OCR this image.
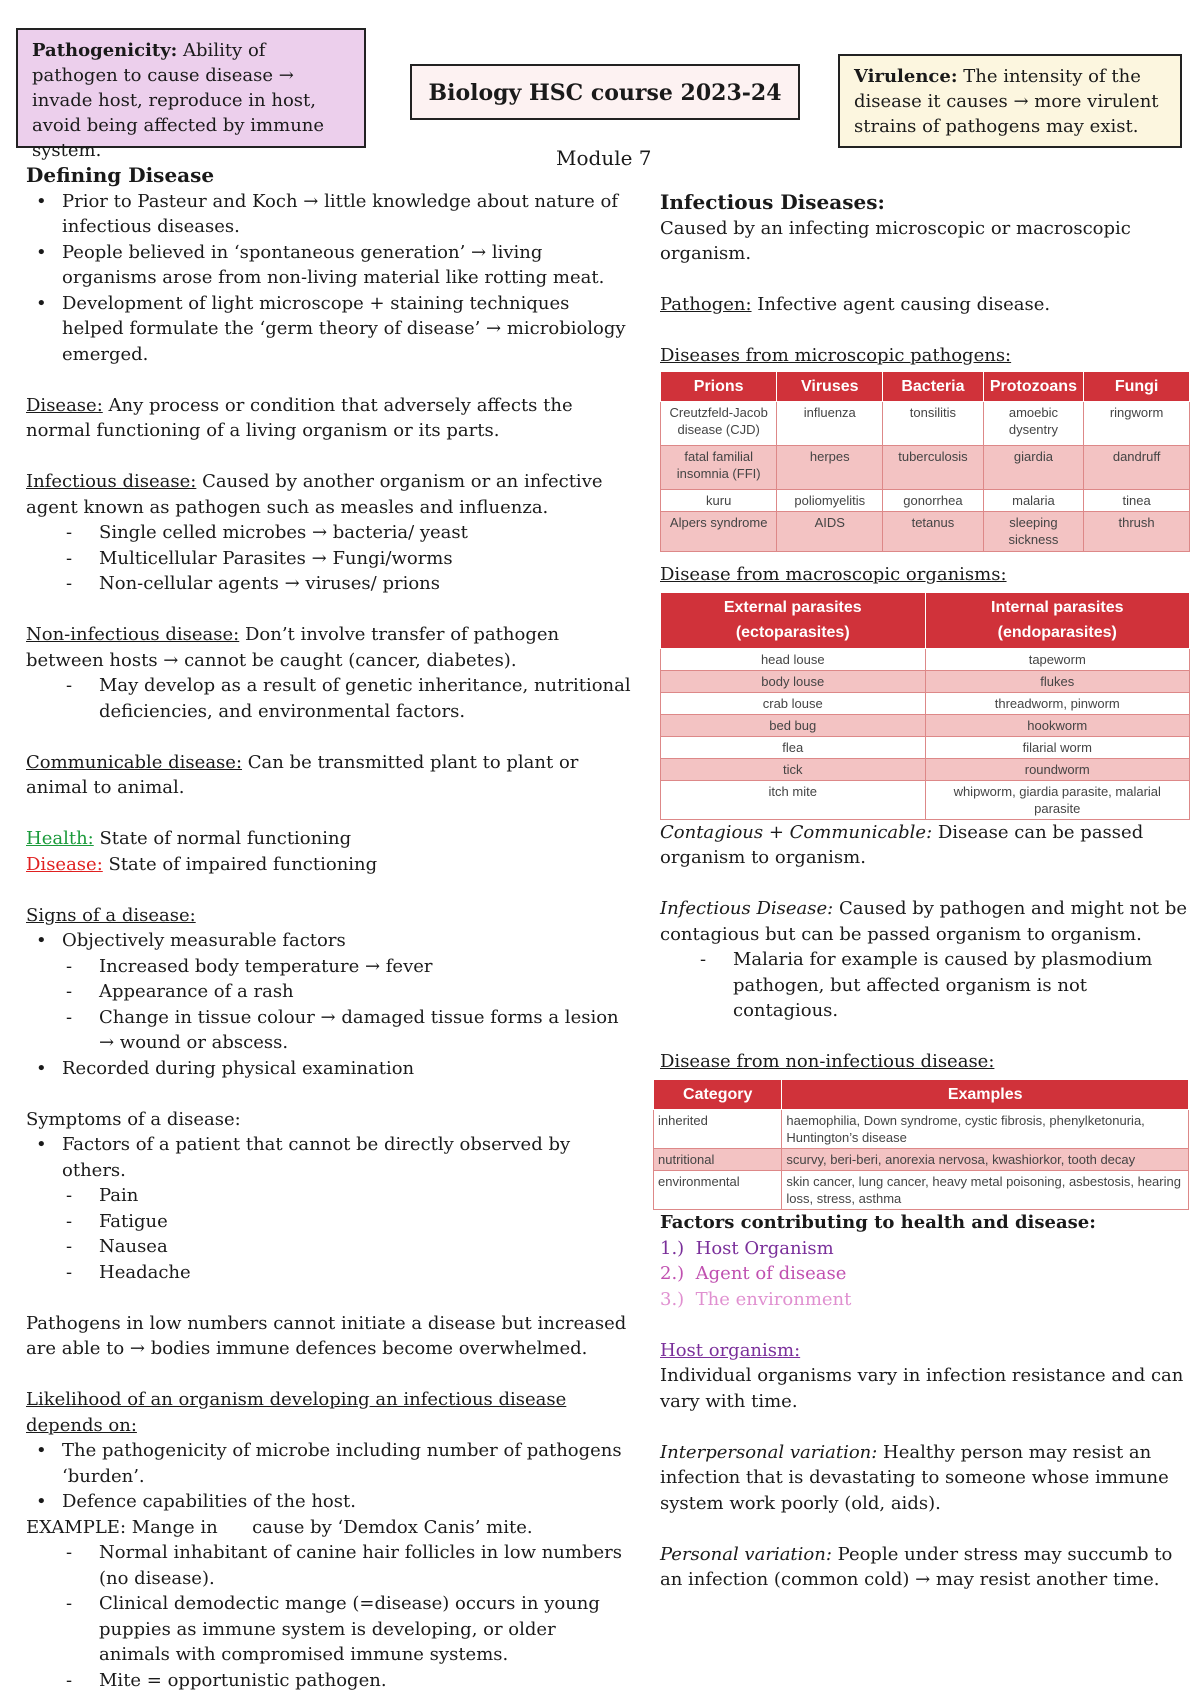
Pathogenicity: Ability of pathogen to cause disease → invade host, reproduce in host, avoid being affected by immune system.
Biology HSC course 2023-24
Virulence: The intensity of the disease it causes → more virulent strains of pathogens may exist.
Module 7

Defining Disease

• Prior to Pasteur and Koch → little knowledge about nature of infectious diseases.
• People believed in ‘spontaneous generation’ → living organisms arose from non-living material like rotting meat.
• Development of light microscope + staining techniques helped formulate the ‘germ theory of disease’ → microbiology emerged.

Disease: Any process or condition that adversely affects the normal functioning of a living organism or its parts.

Infectious disease: Caused by another organism or an infective agent known as pathogen such as measles and influenza.

- Single celled microbes → bacteria/ yeast
- Multicellular Parasites → Fungi/worms
- Non-cellular agents → viruses/ prions

Non-infectious disease: Don’t involve transfer of pathogen between hosts → cannot be caught (cancer, diabetes).

- May develop as a result of genetic inheritance, nutritional deficiencies, and environmental factors.

Communicable disease: Can be transmitted plant to plant or animal to animal.

Health: State of normal functioning

Disease: State of impaired functioning

Signs of a disease:

• Objectively measurable factors
- Increased body temperature → fever
- Appearance of a rash
- Change in tissue colour → damaged tissue forms a lesion → wound or abscess.
• Recorded during physical examination

Symptoms of a disease:

• Factors of a patient that cannot be directly observed by others.
- Pain
- Fatigue
- Nausea
- Headache

Pathogens in low numbers cannot initiate a disease but increased are able to → bodies immune defences become overwhelmed.

Likelihood of an organism developing an infectious disease depends on:

• The pathogenicity of microbe including number of pathogens ‘burden’.
• Defence capabilities of the host.

EXAMPLE: Mange in      cause by ‘Demdox Canis’ mite.

- Normal inhabitant of canine hair follicles in low numbers (no disease).
- Clinical demodectic mange (=disease) occurs in young puppies as immune system is developing, or older animals with compromised immune systems.
- Mite = opportunistic pathogen.

Infectious Diseases:

Caused by an infecting microscopic or macroscopic organism.

Pathogen: Infective agent causing disease.

Diseases from microscopic pathogens:

Prions	Viruses	Bacteria	Protozoans	Fungi
Creutzfeld-Jacob disease (CJD)	influenza	tonsilitis	amoebic dysentry	ringworm
fatal familial insomnia (FFI)	herpes	tuberculosis	giardia	dandruff
kuru	poliomyelitis	gonorrhea	malaria	tinea
Alpers syndrome	AIDS	tetanus	sleeping sickness	thrush

Disease from macroscopic organisms:

External parasites (ectoparasites)	Internal parasites (endoparasites)
head louse	tapeworm
body louse	flukes
crab louse	threadworm, pinworm
bed bug	hookworm
flea	filarial worm
tick	roundworm
itch mite	whipworm, giardia parasite, malarial parasite

Contagious + Communicable: Disease can be passed organism to organism.

Infectious Disease: Caused by pathogen and might not be contagious but can be passed organism to organism.

- Malaria for example is caused by plasmodium pathogen, but affected organism is not contagious.

Disease from non-infectious disease:

Category	Examples
inherited	haemophilia, Down syndrome, cystic fibrosis, phenylketonuria, Huntington’s disease
nutritional	scurvy, beri-beri, anorexia nervosa, kwashiorkor, tooth decay
environmental	skin cancer, lung cancer, heavy metal poisoning, asbestosis, hearing loss, stress, asthma

Factors contributing to health and disease:

1.)  Host Organism

2.)  Agent of disease

3.)  The environment

Host organism:

Individual organisms vary in infection resistance and can vary with time.

Interpersonal variation: Healthy person may resist an infection that is devastating to someone whose immune system work poorly (old, aids).

Personal variation: People under stress may succumb to an infection (common cold) → may resist another time.
